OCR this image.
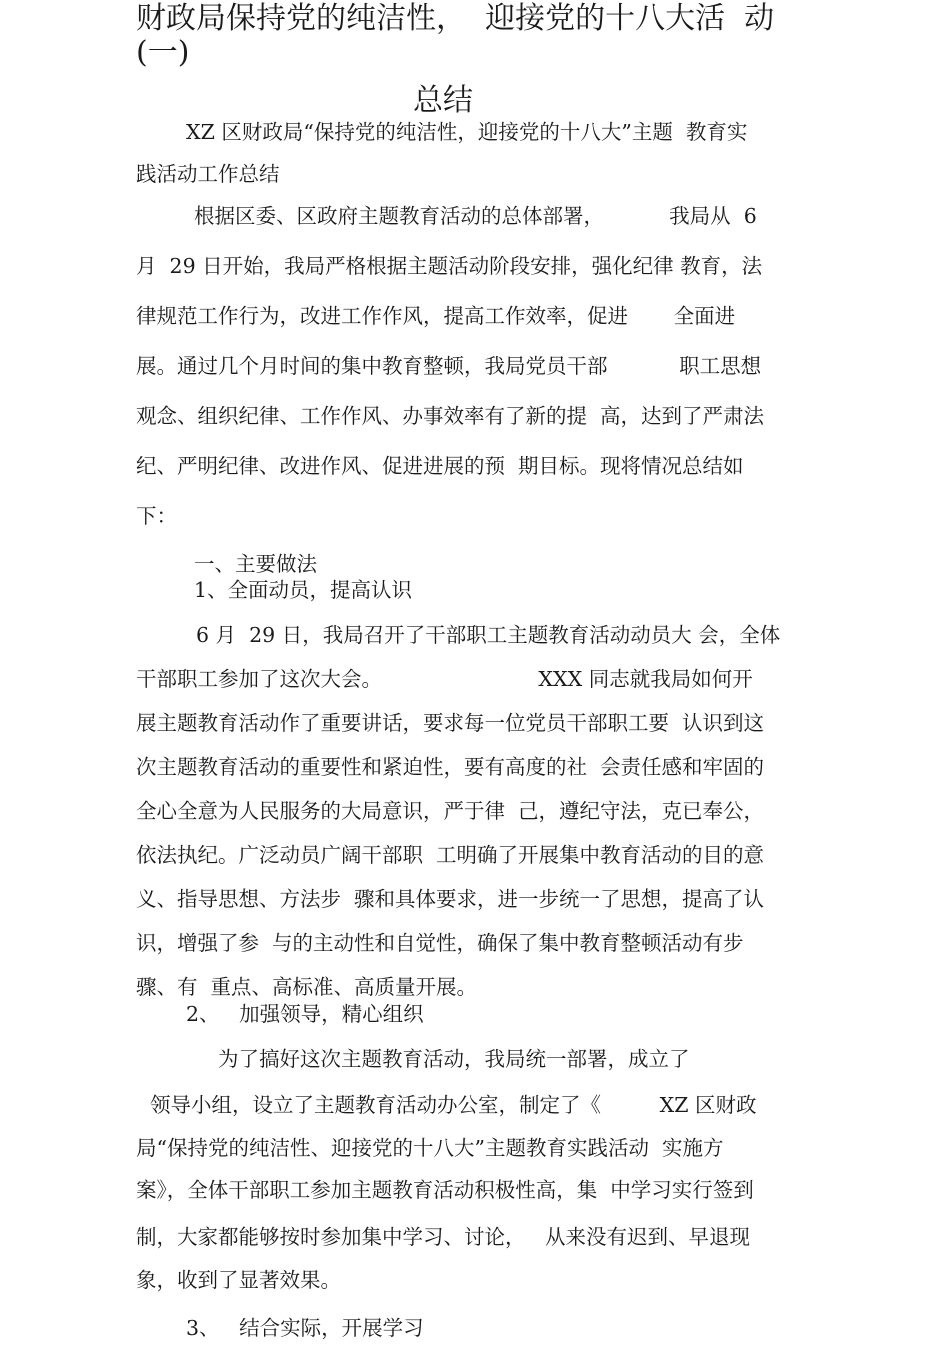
财政局保持党的纯洁性，  迎接党的十八大活  动
(一)
总结
XZ 区财政局“保持党的纯洁性，迎接党的十八大”主题  教育实
践活动工作总结
根据区委、区政府主题教育活动的总体部署，          我局从  6
月  29 日开始，我局严格根据主题活动阶段安排，强化纪律 教育，法
律规范工作行为，改进工作作风，提高工作效率，促进       全面进
展。通过几个月时间的集中教育整顿，我局党员干部           职工思想
观念、组织纪律、工作作风、办事效率有了新的提  高，达到了严肃法
纪、严明纪律、改进作风、促进进展的预  期目标。现将情况总结如
下：
一、主要做法
1、全面动员，提高认识
6 月  29 日，我局召开了干部职工主题教育活动动员大 会，全体
干部职工参加了这次大会。                        XXX 同志就我局如何开
展主题教育活动作了重要讲话，要求每一位党员干部职工要  认识到这
次主题教育活动的重要性和紧迫性，要有高度的社  会责任感和牢固的
全心全意为人民服务的大局意识，严于律  己，遵纪守法，克已奉公，
依法执纪。广泛动员广阔干部职  工明确了开展集中教育活动的目的意
义、指导思想、方法步  骤和具体要求，进一步统一了思想，提高了认
识，增强了参  与的主动性和自觉性，确保了集中教育整顿活动有步
骤、有  重点、高标准、高质量开展。
2、   加强领导，精心组织
为了搞好这次主题教育活动，我局统一部署，成立了
领导小组，设立了主题教育活动办公室，制定了《         XZ 区财政
局“保持党的纯洁性、迎接党的十八大”主题教育实践活动  实施方
案》，全体干部职工参加主题教育活动积极性高，集  中学习实行签到
制，大家都能够按时参加集中学习、讨论，   从来没有迟到、早退现
象，收到了显著效果。
3、   结合实际，开展学习
